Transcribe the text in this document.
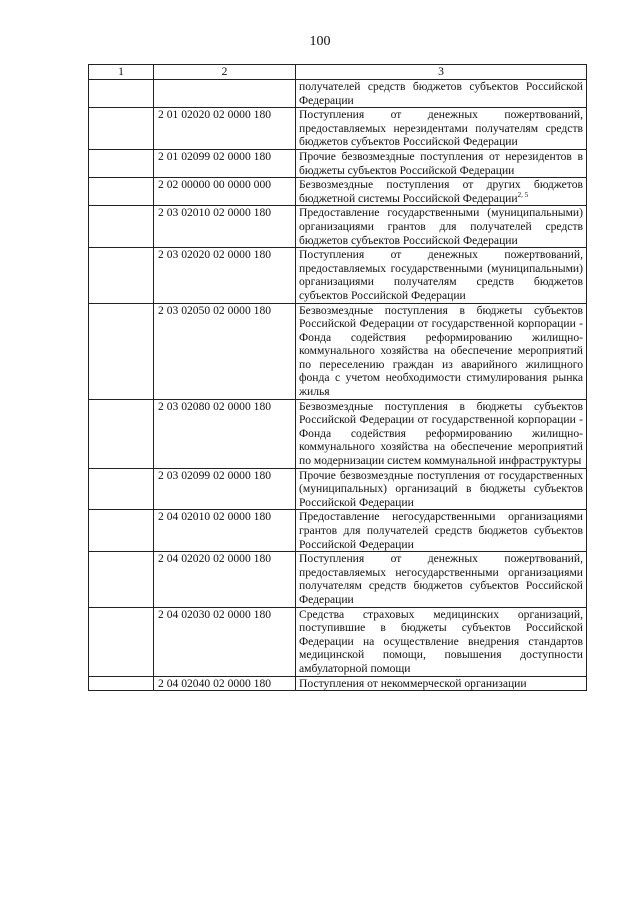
100
1	2	3
		получателей средств бюджетов субъектов Российской Федерации
	2 01 02020 02 0000 180	Поступления от денежных пожертвований, предоставляемых нерезидентами получателям средств бюджетов субъектов Российской Федерации
	2 01 02099 02 0000 180	Прочие безвозмездные поступления от нерезидентов в бюджеты субъектов Российской Федерации
	2 02 00000 00 0000 000	Безвозмездные поступления от других бюджетов бюджетной системы Российской Федерации$^{2, 5}$
	2 03 02010 02 0000 180	Предоставление государственными (муниципальными) организациями грантов для получателей средств бюджетов субъектов Российской Федерации
	2 03 02020 02 0000 180	Поступления от денежных пожертвований, предоставляемых государственными (муниципальными) организациями получателям средств бюджетов субъектов Российской Федерации
	2 03 02050 02 0000 180	Безвозмездные поступления в бюджеты субъектов Российской Федерации от государственной корпорации - Фонда содействия реформированию жилищно-коммунального хозяйства на обеспечение мероприятий по переселению граждан из аварийного жилищного фонда с учетом необходимости стимулирования рынка жилья
	2 03 02080 02 0000 180	Безвозмездные поступления в бюджеты субъектов Российской Федерации от государственной корпорации - Фонда содействия реформированию жилищно-коммунального хозяйства на обеспечение мероприятий по модернизации систем коммунальной инфраструктуры
	2 03 02099 02 0000 180	Прочие безвозмездные поступления от государственных (муниципальных) организаций в бюджеты субъектов Российской Федерации
	2 04 02010 02 0000 180	Предоставление негосударственными организациями грантов для получателей средств бюджетов субъектов Российской Федерации
	2 04 02020 02 0000 180	Поступления от денежных пожертвований, предоставляемых негосударственными организациями получателям средств бюджетов субъектов Российской Федерации
	2 04 02030 02 0000 180	Средства страховых медицинских организаций, поступившие в бюджеты субъектов Российской Федерации на осуществление внедрения стандартов медицинской помощи, повышения доступности амбулаторной помощи
	2 04 02040 02 0000 180	Поступления от некоммерческой организации
